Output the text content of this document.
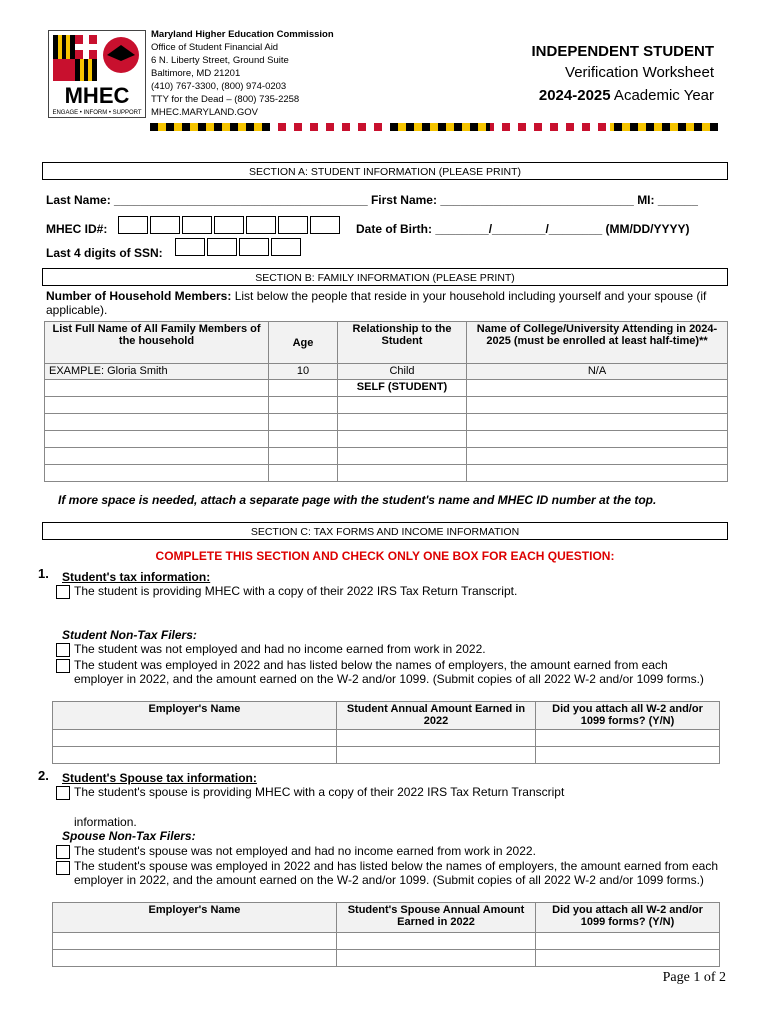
MHEC
ENGAGE • INFORM • SUPPORT
Maryland Higher Education Commission
Office of Student Financial Aid
6 N. Liberty Street, Ground Suite
Baltimore, MD 21201
(410) 767-3300, (800) 974-0203
TTY for the Dead – (800) 735-2258
MHEC.MARYLAND.GOV
INDEPENDENT STUDENT
Verification Worksheet
2024-2025 Academic Year
SECTION A: STUDENT INFORMATION (PLEASE PRINT)
Last Name: ______________________________________ First Name: _____________________________ MI: ______
MHEC ID#:	Date of Birth: ________/________/________ (MM/DD/YYYY)
Last 4 digits of SSN:
SECTION B: FAMILY INFORMATION (PLEASE PRINT)
Number of Household Members: List below the people that reside in your household including yourself and your spouse (if applicable).
List Full Name of All Family Members of the household	Age	Relationship to the Student	Name of College/University Attending in 2024-2025 (must be enrolled at least half-time)**
EXAMPLE: Gloria Smith	10	Child	N/A
		SELF (STUDENT)	

If more space is needed, attach a separate page with the student's name and MHEC ID number at the top.
SECTION C: TAX FORMS AND INCOME INFORMATION
COMPLETE THIS SECTION AND CHECK ONLY ONE BOX FOR EACH QUESTION:
1. Student's tax information:
The student is providing MHEC with a copy of their 2022 IRS Tax Return Transcript.
Student Non-Tax Filers:
The student was not employed and had no income earned from work in 2022.
The student was employed in 2022 and has listed below the names of employers, the amount earned from each employer in 2022, and the amount earned on the W-2 and/or 1099. (Submit copies of all 2022 W-2 and/or 1099 forms.)
Employer's Name	Student Annual Amount Earned in 2022	Did you attach all W-2 and/or 1099 forms? (Y/N)

2. Student's Spouse tax information:
The student's spouse is providing MHEC with a copy of their 2022 IRS Tax Return Transcript
information.
Spouse Non-Tax Filers:
The student's spouse was not employed and had no income earned from work in 2022.
The student's spouse was employed in 2022 and has listed below the names of employers, the amount earned from each employer in 2022, and the amount earned on the W-2 and/or 1099. (Submit copies of all 2022 W-2 and/or 1099 forms.)
Employer's Name	Student's Spouse Annual Amount Earned in 2022	Did you attach all W-2 and/or 1099 forms? (Y/N)

Page 1 of 2
